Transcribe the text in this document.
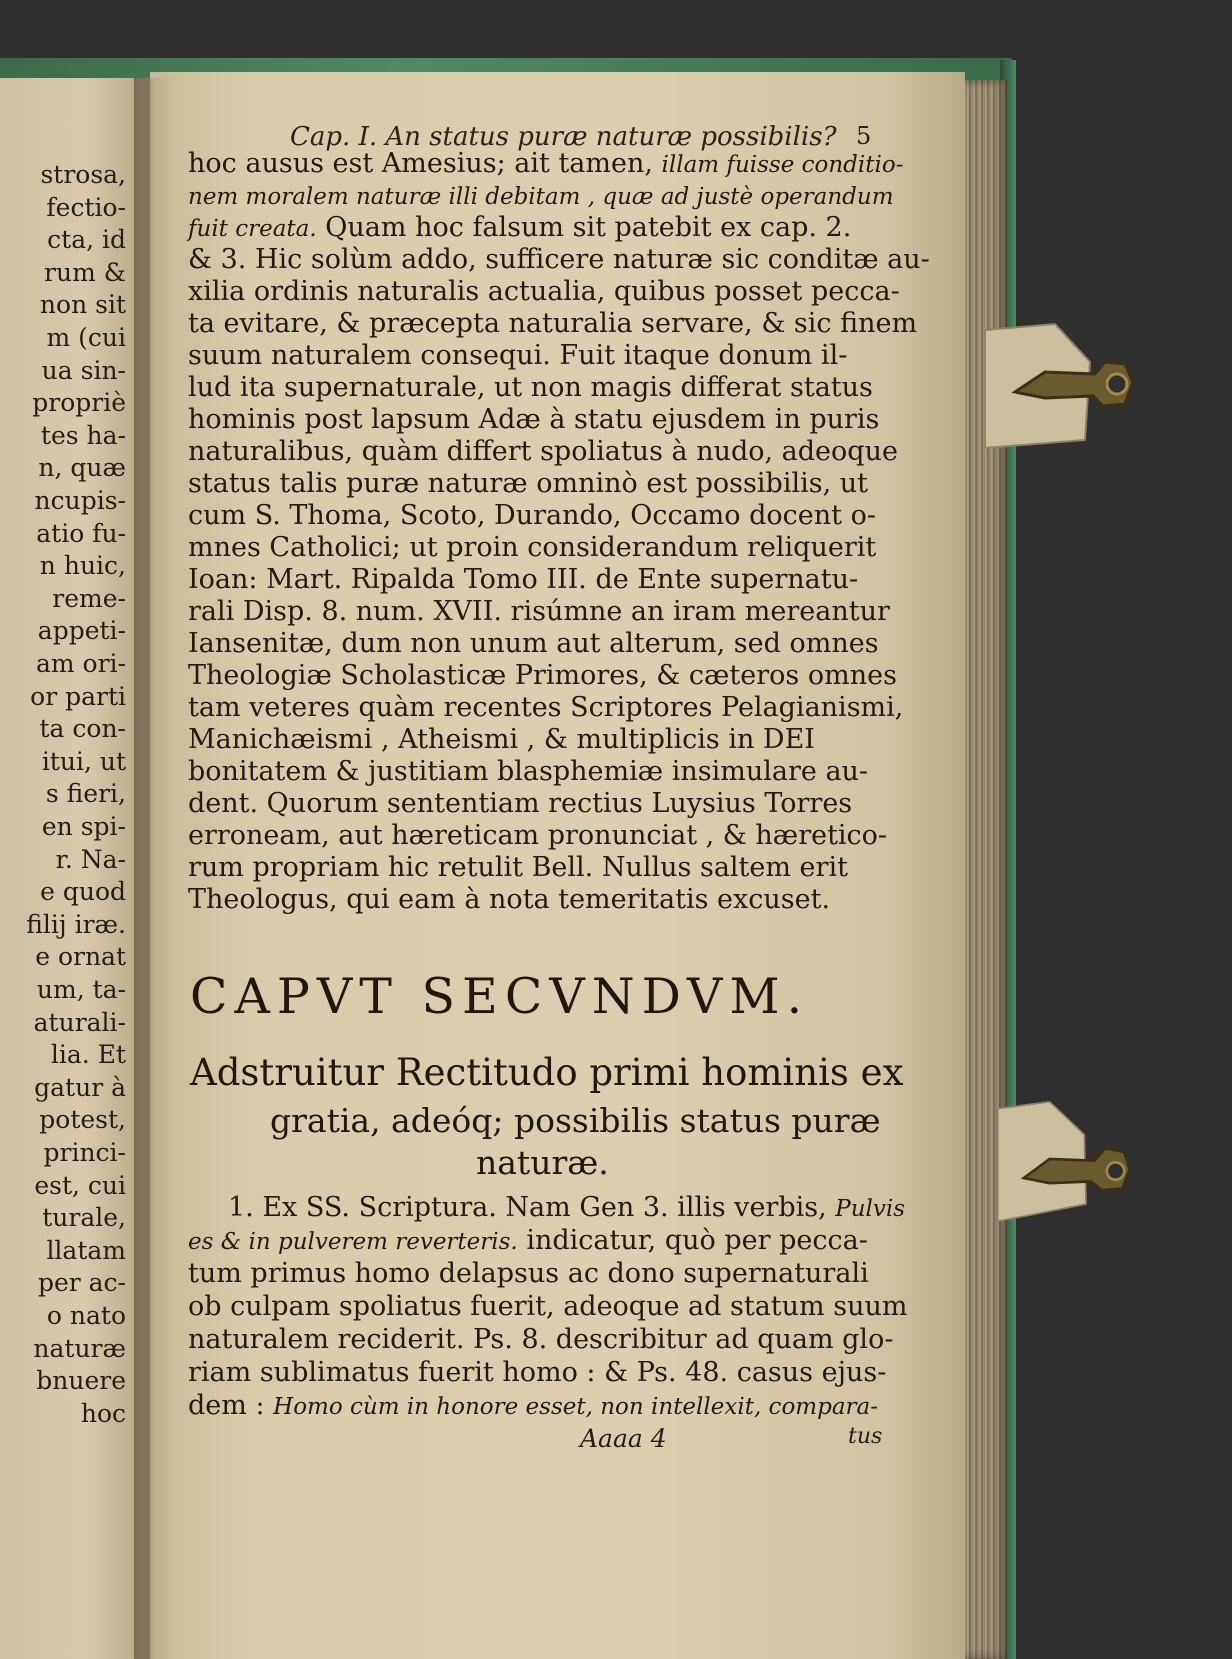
strosa,
fectio-
cta, id
rum &
non sit
m (cui
ua sin-
propriè
tes ha-
n, quæ
ncupis-
atio fu-
n huic,
reme-
appeti-
am ori-
or parti
ta con-
itui, ut
s fieri,
en spi-
r. Na-
e quod
filij iræ.
e ornat
um, ta-
aturali-
lia. Et
gatur à
potest,
princi-
est, cui
turale,
llatam
per ac-
o nato
naturæ
bnuere
hoc
Cap. I. An status puræ naturæ possibilis? 5
hoc ausus est Amesius; ait tamen, illam fuisse conditio-
nem moralem naturæ illi debitam , quæ ad justè operandum
fuit creata. Quam hoc falsum sit patebit ex cap. 2.
& 3. Hic solùm addo, sufficere naturæ sic conditæ au-
xilia ordinis naturalis actualia, quibus posset pecca-
ta evitare, & præcepta naturalia servare, & sic finem
suum naturalem consequi. Fuit itaque donum il-
lud ita supernaturale, ut non magis differat status
hominis post lapsum Adæ à statu ejusdem in puris
naturalibus, quàm differt spoliatus à nudo, adeoque
status talis puræ naturæ omninò est possibilis, ut
cum S. Thoma, Scoto, Durando, Occamo docent o-
mnes Catholici; ut proin considerandum reliquerit
Ioan: Mart. Ripalda Tomo III. de Ente supernatu-
rali Disp. 8. num. XVII. risúmne an iram mereantur
Iansenitæ, dum non unum aut alterum, sed omnes
Theologiæ Scholasticæ Primores, & cæteros omnes
tam veteres quàm recentes Scriptores Pelagianismi,
Manichæismi , Atheismi , & multiplicis in DEI
bonitatem & justitiam blasphemiæ insimulare au-
dent. Quorum sententiam rectius Luysius Torres
erroneam, aut hæreticam pronunciat , & hæretico-
rum propriam hic retulit Bell. Nullus saltem erit
Theologus, qui eam à nota temeritatis excuset.
CAPVT SECVNDVM.
Adstruitur Rectitudo primi hominis ex
gratia, adeóq; possibilis status puræ
naturæ.
1. Ex SS. Scriptura. Nam Gen 3. illis verbis, Pulvis
es & in pulverem reverteris. indicatur, quò per pecca-
tum primus homo delapsus ac dono supernaturali
ob culpam spoliatus fuerit, adeoque ad statum suum
naturalem reciderit. Ps. 8. describitur ad quam glo-
riam sublimatus fuerit homo : & Ps. 48. casus ejus-
dem : Homo cùm in honore esset, non intellexit, compara-
Aaaa 4	tus
